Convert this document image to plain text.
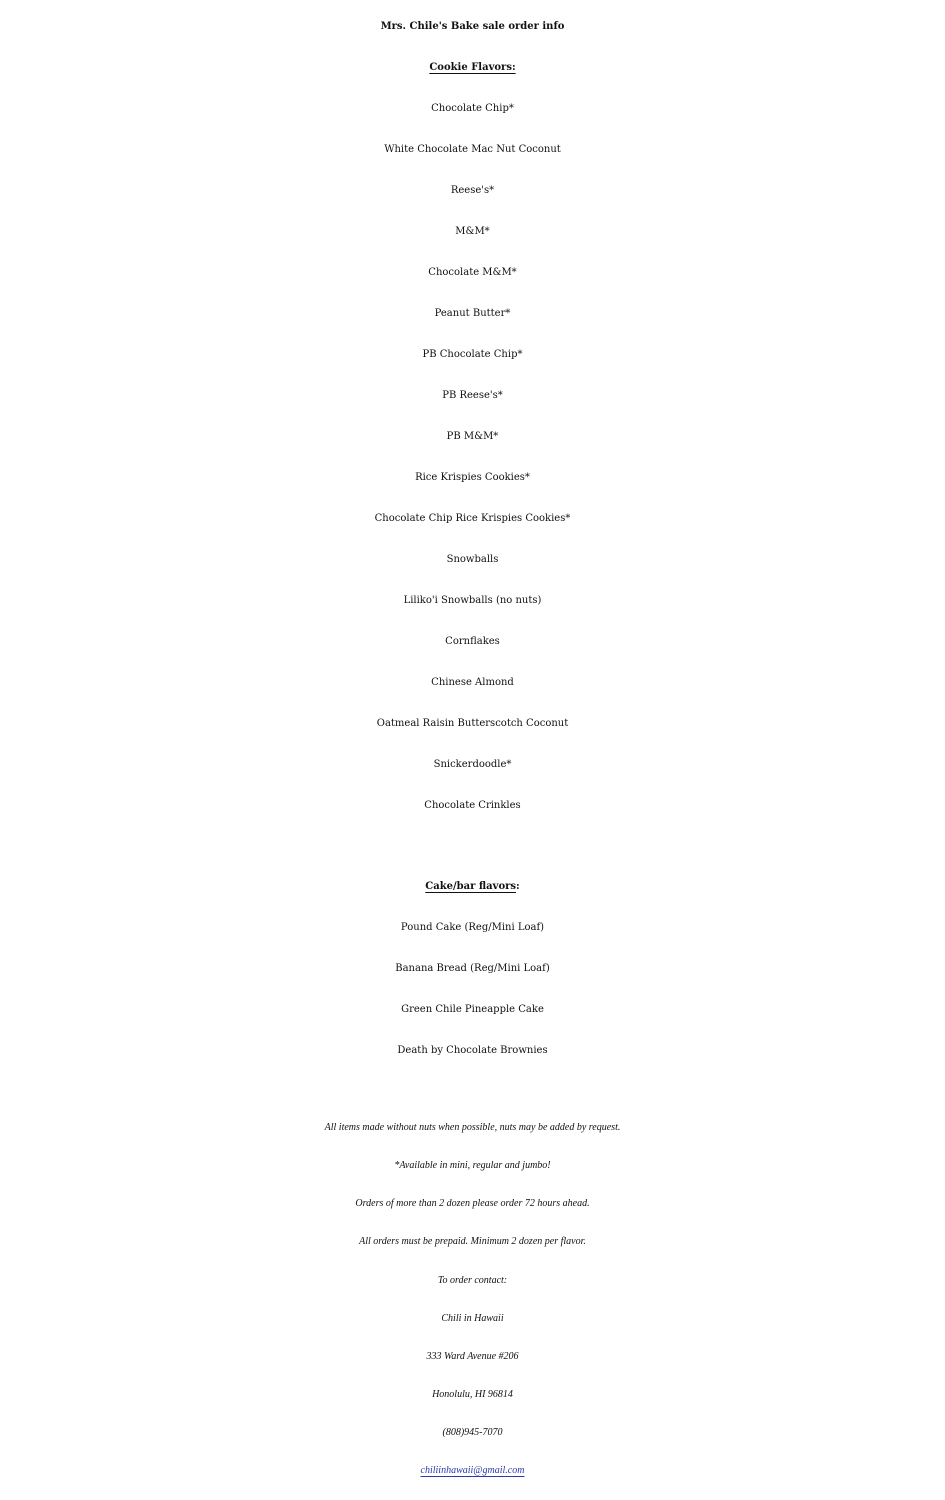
Mrs. Chile's Bake sale order info
Cookie Flavors:
Chocolate Chip*
White Chocolate Mac Nut Coconut
Reese's*
M&M*
Chocolate M&M*
Peanut Butter*
PB Chocolate Chip*
PB Reese's*
PB M&M*
Rice Krispies Cookies*
Chocolate Chip Rice Krispies Cookies*
Snowballs
Liliko'i Snowballs (no nuts)
Cornflakes
Chinese Almond
Oatmeal Raisin Butterscotch Coconut
Snickerdoodle*
Chocolate Crinkles
Cake/bar flavors:
Pound Cake (Reg/Mini Loaf)
Banana Bread (Reg/Mini Loaf)
Green Chile Pineapple Cake
Death by Chocolate Brownies
All items made without nuts when possible, nuts may be added by request.
*Available in mini, regular and jumbo!
Orders of more than 2 dozen please order 72 hours ahead.
All orders must be prepaid. Minimum 2 dozen per flavor.
To order contact:
Chili in Hawaii
333 Ward Avenue #206
Honolulu, HI 96814
(808)945-7070
chiliinhawaii@gmail.com
